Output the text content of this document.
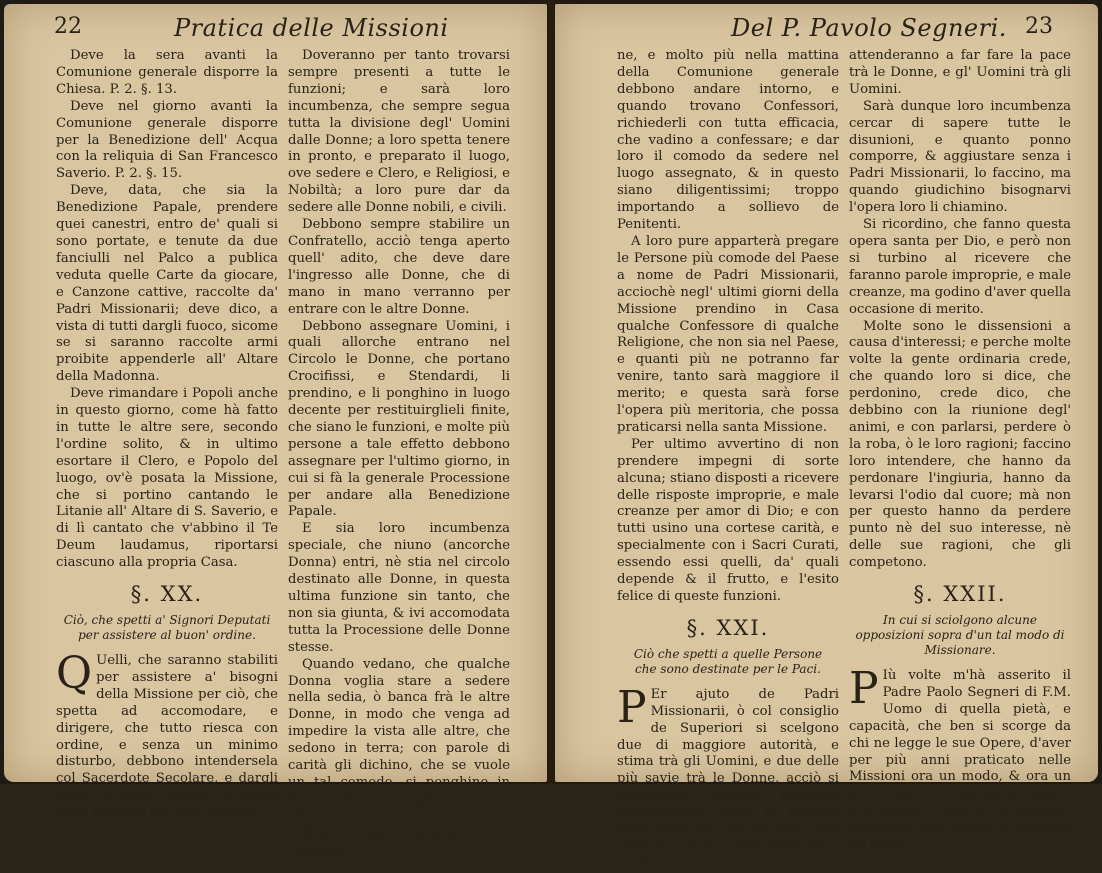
22	Pratica delle Missioni

Deve la sera avanti la Comunione generale disporre la Chiesa. P. 2. §. 13.

Deve nel giorno avanti la Comunione generale disporre per la Benedizione dell' Acqua con la reliquia di San Francesco Saverio. P. 2. §. 15.

Deve, data, che sia la Benedizione Papale, prendere quei canestri, entro de' quali si sono portate, e tenute da due fanciulli nel Palco a publica veduta quelle Carte da giocare, e Canzone cattive, raccolte da' Padri Missionarii; deve dico, a vista di tutti dargli fuoco, sicome se si saranno raccolte armi proibite appenderle all' Altare della Madonna.

Deve rimandare i Popoli anche in questo giorno, come hà fatto in tutte le altre sere, secondo l'ordine solito, & in ultimo esortare il Clero, e Popolo del luogo, ov'è posata la Missione, che si portino cantando le Litanie all' Altare di S. Saverio, e di lì cantato che v'abbino il Te Deum laudamus, riportarsi ciascuno alla propria Casa.

§. XX.
Ciò, che spetti a' Signori Deputati per assistere al buon' ordine.

Q Uelli, che saranno stabiliti per assistere a' bisogni della Missione per ciò, che spetta ad accomodare, e dirigere, che tutto riesca con ordine, e senza un minimo disturbo, debbono intendersela col Sacerdote Secolare, e dargli tutta la mano perche il luogo delle funzioni sia ben disposto.

Doveranno per tanto trovarsi sempre presenti a tutte le funzioni; e sarà loro incumbenza, che sempre segua tutta la divisione degl' Uomini dalle Donne; a loro spetta tenere in pronto, e preparato il luogo, ove sedere e Clero, e Religiosi, e Nobiltà; a loro pure dar da sedere alle Donne nobili, e civili.

Debbono sempre stabilire un Confratello, acciò tenga aperto quell' adito, che deve dare l'ingresso alle Donne, che di mano in mano verranno per entrare con le altre Donne.

Debbono assegnare Uomini, i quali allorche entrano nel Circolo le Donne, che portano Crocifissi, e Stendardi, li prendino, e li ponghino in luogo decente per restituirglieli finite, che siano le funzioni, e molte più persone a tale effetto debbono assegnare per l'ultimo giorno, in cui si fà la generale Processione per andare alla Benedizione Papale.

E sia loro incumbenza speciale, che niuno (ancorche Donna) entri, nè stia nel circolo destinato alle Donne, in questa ultima funzione sin tanto, che non sia giunta, & ivi accomodata tutta la Processione delle Donne stesse.

Quando vedano, che qualche Donna voglia stare a sedere nella sedia, ò banca frà le altre Donne, in modo che venga ad impedire la vista alle altre, che sedono in terra; con parole di carità gli dichino, che se vuole un tal comodo, si ponghino in luogo, che non tolghino la vista alle altre.

Negl' ultimi giorni della Missione,

Del P. Pavolo Segneri. 23

ne, e molto più nella mattina della Comunione generale debbono andare intorno, e quando trovano Confessori, richiederli con tutta efficacia, che vadino a confessare; e dar loro il comodo da sedere nel luogo assegnato, & in questo siano diligentissimi; troppo importando a sollievo de Penitenti.

A loro pure apparterà pregare le Persone più comode del Paese a nome de Padri Missionarii, acciochè negl' ultimi giorni della Missione prendino in Casa qualche Confessore di qualche Religione, che non sia nel Paese, e quanti più ne potranno far venire, tanto sarà maggiore il merito; e questa sarà forse l'opera più meritoria, che possa praticarsi nella santa Missione.

Per ultimo avvertino di non prendere impegni di sorte alcuna; stiano disposti a ricevere delle risposte improprie, e male creanze per amor di Dio; e con tutti usino una cortese carità, e specialmente con i Sacri Curati, essendo essi quelli, da' quali depende & il frutto, e l'esito felice di queste funzioni.

§. XXI.
Ciò che spetti a quelle Persone che sono destinate per le Paci.

P Er ajuto de Padri Missionarii, ò col consiglio de Superiori si scelgono due di maggiore autorità, e stima trà gli Uomini, e due delle più savie trà le Donne, acciò si contentino d'esser nominati publicamente finita la Predica della Pace; per dar di mano alla riunione degl' animi disgustati; Le Donne

attenderanno a far fare la pace trà le Donne, e gl' Uomini trà gli Uomini.

Sarà dunque loro incumbenza cercar di sapere tutte le disunioni, e quanto ponno comporre, & aggiustare senza i Padri Missionarii, lo faccino, ma quando giudichino bisognarvi l'opera loro li chiamino.

Si ricordino, che fanno questa opera santa per Dio, e però non si turbino al ricevere che faranno parole improprie, e male creanze, ma godino d'aver quella occasione di merito.

Molte sono le dissensioni a causa d'interessi; e perche molte volte la gente ordinaria crede, che quando loro si dice, che perdonino, crede dico, che debbino con la riunione degl' animi, e con parlarsi, perdere ò la roba, ò le loro ragioni; faccino loro intendere, che hanno da perdonare l'ingiuria, hanno da levarsi l'odio dal cuore; mà non per questo hanno da perdere punto nè del suo interesse, nè delle sue ragioni, che gli competono.

§. XXII.
In cui si sciolgono alcune opposizioni sopra d'un tal modo di Missionare.

P Iù volte m'hà asserito il Padre Paolo Segneri di F.M. Uomo di quella pietà, e capacità, che ben si scorge da chi ne legge le sue Opere, d'aver per più anni praticato nelle Missioni ora un modo, & ora un altro, mà che finalmente questo gl'è sempre riuscito di maggior vantaggio alle Anime; & allorche mi lasciò
